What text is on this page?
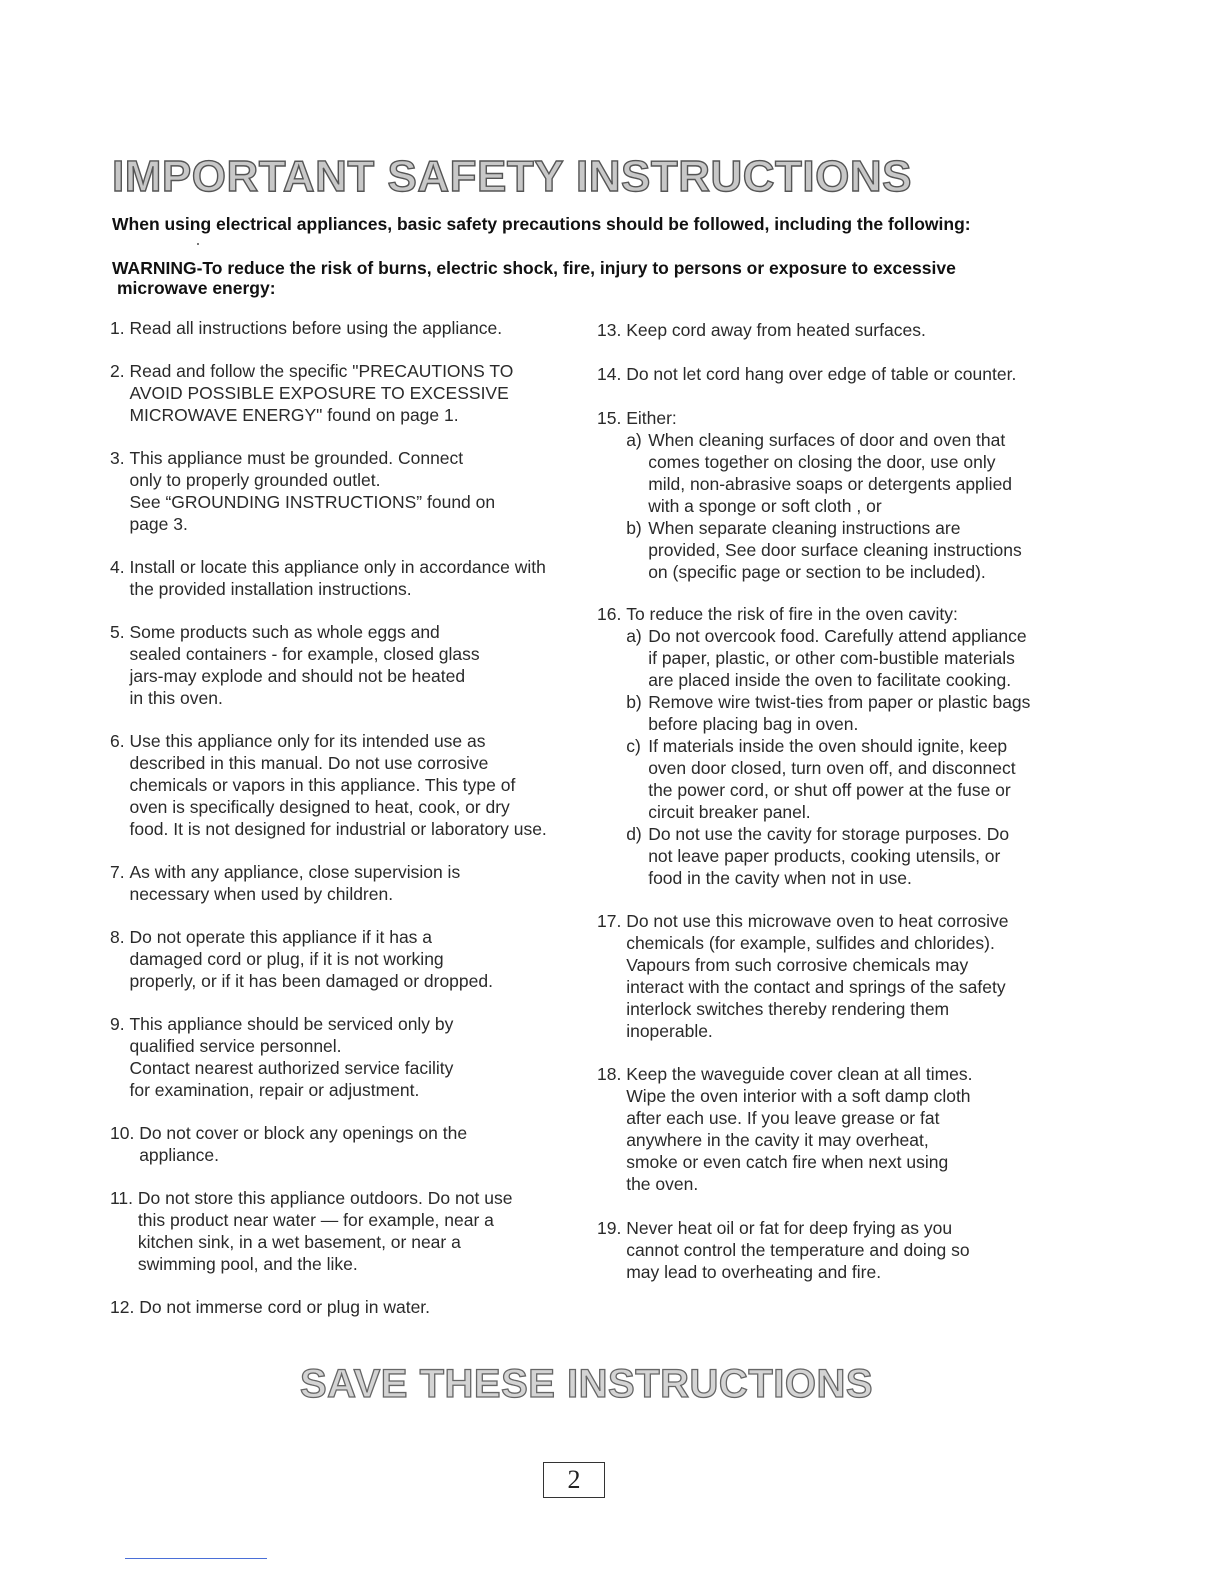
IMPORTANT SAFETY INSTRUCTIONS

When using electrical appliances, basic safety precautions should be followed, including the following:

WARNING-To reduce the risk of burns, electric shock, fire, injury to persons or exposure to excessive
microwave energy:

1. Read all instructions before using the appliance.
2. Read and follow the specific "PRECAUTIONS TO
AVOID POSSIBLE EXPOSURE TO EXCESSIVE
MICROWAVE ENERGY" found on page 1.
3. This appliance must be grounded. Connect
only to properly grounded outlet.
See “GROUNDING INSTRUCTIONS” found on
page 3.
4. Install or locate this appliance only in accordance with
the provided installation instructions.
5. Some products such as whole eggs and
sealed containers - for example, closed glass
jars-may explode and should not be heated
in this oven.
6. Use this appliance only for its intended use as
described in this manual. Do not use corrosive
chemicals or vapors in this appliance. This type of
oven is specifically designed to heat, cook, or dry
food. It is not designed for industrial or laboratory use.
7. As with any appliance, close supervision is
necessary when used by children.
8. Do not operate this appliance if it has a
damaged cord or plug, if it is not working
properly, or if it has been damaged or dropped.
9. This appliance should be serviced only by
qualified service personnel.
Contact nearest authorized service facility
for examination, repair or adjustment.
10. Do not cover or block any openings on the
appliance.
11. Do not store this appliance outdoors. Do not use
this product near water — for example, near a
kitchen sink, in a wet basement, or near a
swimming pool, and the like.
12. Do not immerse cord or plug in water.
13. Keep cord away from heated surfaces.
14. Do not let cord hang over edge of table or counter.
15. Either:
a) When cleaning surfaces of door and oven that
comes together on closing the door, use only
mild, non-abrasive soaps or detergents applied
with a sponge or soft cloth , or
b) When separate cleaning instructions are
provided, See door surface cleaning instructions
on (specific page or section to be included).
16. To reduce the risk of fire in the oven cavity:
a) Do not overcook food. Carefully attend appliance
if paper, plastic, or other com-bustible materials
are placed inside the oven to facilitate cooking.
b) Remove wire twist-ties from paper or plastic bags
before placing bag in oven.
c) If materials inside the oven should ignite, keep
oven door closed, turn oven off, and disconnect
the power cord, or shut off power at the fuse or
circuit breaker panel.
d) Do not use the cavity for storage purposes. Do
not leave paper products, cooking utensils, or
food in the cavity when not in use.
17. Do not use this microwave oven to heat corrosive
chemicals (for example, sulfides and chlorides).
Vapours from such corrosive chemicals may
interact with the contact and springs of the safety
interlock switches thereby rendering them
inoperable.
18. Keep the waveguide cover clean at all times.
Wipe the oven interior with a soft damp cloth
after each use. If you leave grease or fat
anywhere in the cavity it may overheat,
smoke or even catch fire when next using
the oven.
19. Never heat oil or fat for deep frying as you
cannot control the temperature and doing so
may lead to overheating and fire.
SAVE THESE INSTRUCTIONS
2
